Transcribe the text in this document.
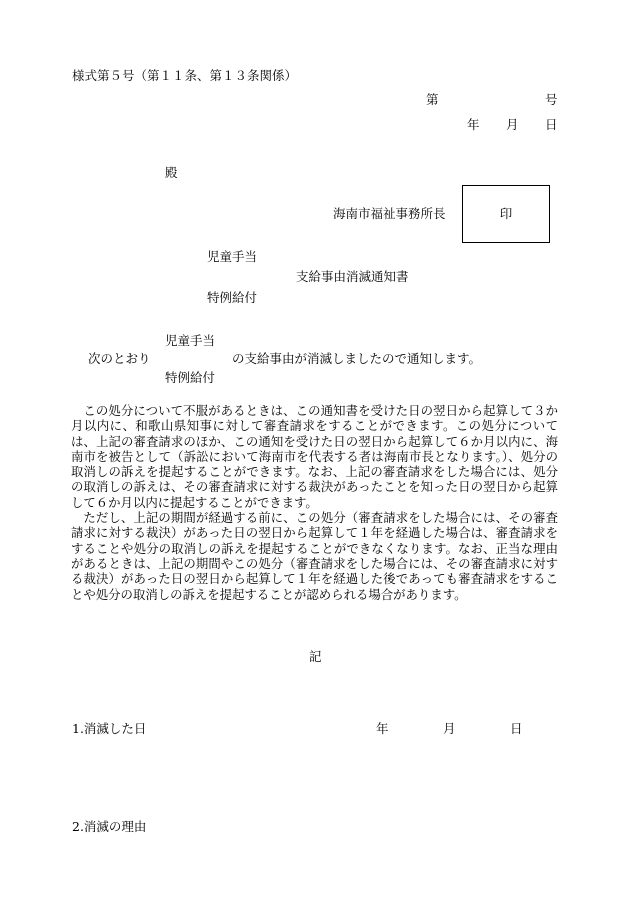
様式第５号（第１１条、第１３条関係）
第	号
年 月 日
殿
海南市福祉事務所長	印
児童手当
支給事由消滅通知書
特例給付
児童手当
次のとおり	の支給事由が消滅しましたので通知します。
特例給付

この処分について不服があるときは、この通知書を受けた日の翌日から起算して３か月以内に、和歌山県知事に対して審査請求をすることができます。この処分については、上記の審査請求のほか、この通知を受けた日の翌日から起算して６か月以内に、海南市を被告として（訴訟において海南市を代表する者は海南市長となります。）、処分の取消しの訴えを提起することができます。なお、上記の審査請求をした場合には、処分の取消しの訴えは、その審査請求に対する裁決があったことを知った日の翌日から起算して６か月以内に提起することができます。

ただし、上記の期間が経過する前に、この処分（審査請求をした場合には、その審査請求に対する裁決）があった日の翌日から起算して１年を経過した場合は、審査請求をすることや処分の取消しの訴えを提起することができなくなります。なお、正当な理由があるときは、上記の期間やこの処分（審査請求をした場合には、その審査請求に対する裁決）があった日の翌日から起算して１年を経過した後であっても審査請求をすることや処分の取消しの訴えを提起することが認められる場合があります。

記
1.消滅した日	年	月	日
2.消滅の理由
